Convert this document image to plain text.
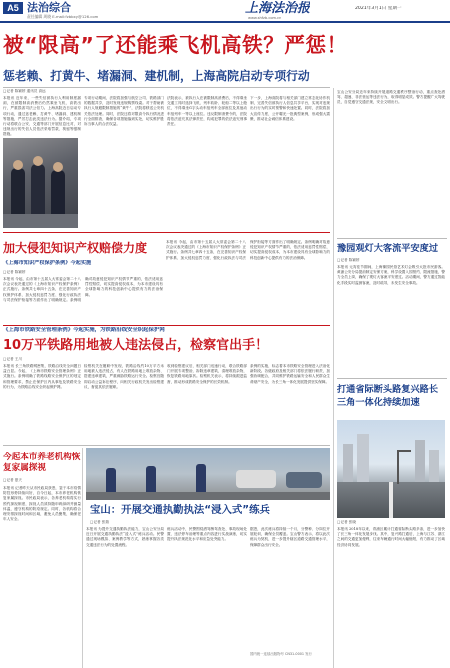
A5 法治综合
责任编辑 周晓 E-mail:fzbbxy@126.com
上海法治报
www.shfzb.com.cn
2021年3月1日 星期一
被“限高”了还能乘飞机高铁？严惩！
惩老赖、打黄牛、堵漏洞、建机制，上海高院启动专项行动
□记者 陈颖婷 通讯员 高远
本报讯 近年来，一些失信被执行人利用制度漏洞，在被限制高消费后仍然乘坐飞机、高铁出行，严重损害司法公信力。上海高院近日启动专项行动，通过惩老赖、打黄牛、堵漏洞、建机制等措施，严厉打击此类违法行为。据介绍，专项行动将联合公安、交通等部门开展信息比对，对违规出行的失信人员依法采取罚款、拘留等强制措施。
专项行动期间，法院将加强与航空公司、铁路部门的数据共享，及时发现违规购票线索。对于帮助被执行人规避限制措施的“黄牛”，法院将移送公安机关依法处理。同时，法院还将对限高令执行情况进行全面排查，确保各项措施落到实处，切实维护胜诉当事人的合法权益。
法院表示，被执行人在被限制高消费后，不得乘坐交通工具时选择飞机、列车软卧、轮船二等以上舱位，不得乘坐G字头动车组列车全部座位及其他动车组列车一等以上座位。违反限制消费令的，法院将依法追究其法律责任，构成犯罪的依法追究刑事责任。
下一步，上海高院将与相关部门建立常态化协作机制，完善失信被执行人信息共享平台，实现对违规出行行为的实时预警和快速处置。同时，法院将加大宣传力度，公开曝光一批典型案例，形成强大震慑，推动社会诚信体系建设。
宝山公安分局近年来持续开展道路交通秩序整治行动，重点查处酒驾、超速、非法营运等违法行为，取得明显成效。警方提醒广大驾驶员，自觉遵守交通法规，安全文明出行。
加大侵犯知识产权赔偿力度
《上海市知识产权保护条例》今起实施
□记者 陈颖婷
本报讯 今起，由市第十五届人大常委会第二十八次会议表决通过的《上海市知识产权保护条例》正式施行。条例共七章四十五条，在完善知识产权保护体系、加大侵权惩罚力度、强化行政执法与司法保护衔接等方面作出了明确规定。条例明确对故意侵犯知识产权情节严重的，依法适用惩罚性赔偿，切实提高侵权成本，为本市建设具有全球影响力的科技创新中心提供有力的法治保障。
本报讯 今起，由市第十五届人大常委会第二十八次会议表决通过的《上海市知识产权保护条例》正式施行。条例共七章四十五条，在完善知识产权保护体系、加大侵权惩罚力度、强化行政执法与司法保护衔接等方面作出了明确规定。条例明确对故意侵犯知识产权情节严重的，依法适用惩罚性赔偿，切实提高侵权成本，为本市建设具有全球影响力的科技创新中心提供有力的法治保障。
《上海市铁路安全管理条例》今起实施，为铁路沿线安全织起保护网
10万平铁路用地被人违法侵占，检察官出手！
□记者 王川
本报讯 长三角铁路网密集，铁路沿线安全问题日益凸显。今起，《上海市铁路安全管理条例》正式施行。条例明确了铁路线路安全保护区的划定和管理要求，禁止在保护区内从事危及铁路安全的行为，为铁路沿线安全织起保护网。
检察机关在履职中发现，铁路沿线约10万平方米用地被人违法侵占，有人在铁路用地上堆放杂物、搭建违章建筑，严重威胁铁路运行安全。检察官随即启动公益诉讼程序，向相关行政机关发出检察建议，督促其依法履职。
收到检察建议后，相关部门迅速行动，联合铁路部门开展专项整治，拆除违章建筑，清理堆放杂物，恢复铁路用地原状。检察机关表示，将持续跟进监督，推动形成铁路安全保护的长效机制。
条例的实施，标志着本市铁路安全管理进入法治化新阶段。各级政府及相关部门将依法履行职责，加强协调配合，共同维护铁路运输安全和人民群众生命财产安全，为长三角一体化发展提供坚实保障。
今起本市养老机构恢复家属探视
□记者 夏天
本报讯 记者昨天从市民政局获悉，鉴于本市疫情防控形势持续向好，自今日起，本市养老机构恢复家属探视。市民政局表示，各养老机构将实行预约探视制度，探视人员须持随申码绿码并测量体温，遵守机构的防疫规定。同时，各机构将合理安排探视时间和区域，避免人员聚集，确保老年人安全。
宝山：开展交通执勤执法“浸入式”练兵
□记者 张瑞
本报讯 为提升交通执勤执法能力，宝山公安分局近日开展交通执勤执法“浸入式”练兵活动。民警通过现场模拟、案例教学等方式，熟练掌握各类交通违法行为的处置流程。
练兵活动中，民警围绕酒驾醉驾查处、事故现场处置、违法停车治理等重点内容进行实战演练，切实提升执法规范化水平和应急处突能力。
据悉，此次练兵将持续一个月，分警种、分岗位开展轮训，确保全员覆盖。宝山警方表示，将以此次练兵为契机，进一步提升辖区道路交通管理水平，保障群众出行安全。
国内统一连续出版物号 CN31-0001 发行
豫园观灯大客流平安度过
□记者 陈颖婷
本报讯 元宵佳节期间，上海豫园民俗艺术灯会吸引大批市民游客。黄浦公安分局提前制定安保方案，科学设置入园预约、限流措施，警力全员上岗，确保了观灯大客流平安度过。活动期间，警方通过智能化手段实时监测客流，及时疏导，未发生安全事故。
打通省际断头路复兴路长三角一体化持续加速
□记者 张晓
本报讯 2018年以来，青浦区累计打通省际断头路多条，进一步加快了长三角一体化发展步伐。其中，复兴路打通后，上海与江苏、浙江之间的交通更加便利，往来车辆通行时间大幅缩短，有力推动了区域经济协同发展。
